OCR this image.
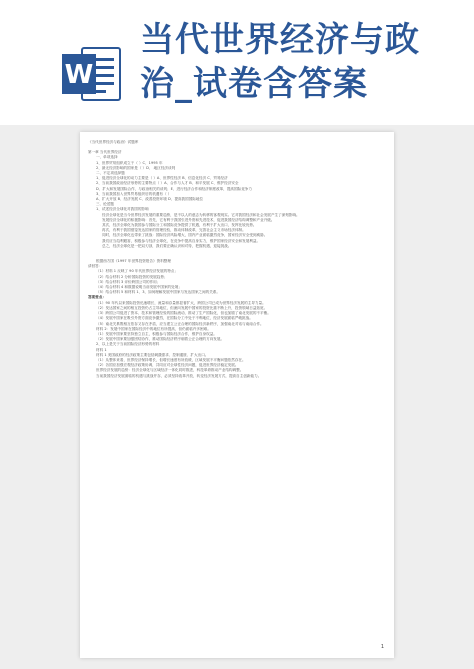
W
当代世界经济与政
治_试卷含答案
《当代世界经济与政治》试题库
第一章 当代世界经济
一、单项选择
1、世界贸易组织成立于（ ）C、1995 年
2、最无经济影响的国家是（ ）D、 地区经济谈判
二、不定项选择题
1、促进经济全球化的动力主要是（ ）A、世界性经济 B、信息化经济 C、贸易经济
2、当前我国政治经济形势的主要特点（ ）A、合作与人才 B、和平发展 C、维护经济安全
D、扩大和发展国际合作，与政治相关的谈判；E、进行经济合作和经济制度改革，提高国际竞争力
3、当前我国加入世界贸易组织后的机遇有（ ）
A、扩大开放 B、经济发展 C、改善投资环境 D、提高我国国际地位
三、论述题
1、试述经济全球化对我国的影响
经济全球化是当今世界经济发展的重要趋势，是不以人的意志为转移的客观现实。它对我国经济和社会发展产生了深刻影响。
发展经济全球化的积极影响：首先，它有利于我国引进外资和先进技术，促进我国经济结构调整和产业升级。
其次，经济全球化为我国参与国际分工和国际竞争提供了机遇，有利于扩大出口，发挥比较优势。
再次，有利于我国借鉴发达国家的管理经验，推动体制改革，完善社会主义市场经济体制。
同时，经济全球化也带来了挑战：国际经济风险增大，国内产业面临激烈竞争，国家经济安全受到威胁。
我们应当趋利避害，积极参与经济全球化，在竞争中提高自身实力，维护国家经济安全和发展利益。
总之，经济全球化是一把双刃剑，我们要正确认识和对待，把握机遇，迎接挑战。
根据西方国《1997 年世界投资报告》资料整理
请回答：
（1）材料 1 反映了 90 年代世界经济发展的特点；
（2）结合材料 2 分析国际投资的发展趋势；
（3）结合材料 3 评价跨国公司的作用；
（4）结合材料 4 和数据说明当前发展中国家的处境；
（5）结合材料 5 和材料 1、3，如何理解发展中国家与发达国家之间的关系。
答案要点：
（1）90 年代以来国际投资迅速增长，流量和存量都显著扩大，跨国公司已成为世界经济发展的主导力量。
（2）发达国家之间的相互投资仍占主导地位，但流向发展中国家的投资比重不断上升，投资领域日益拓宽。
（3）跨国公司促进了资本、技术和管理经验的国际流动，推动了生产国际化，但也加剧了南北发展的不平衡。
（4）发展中国家在吸引外资方面竞争激烈，在国际分工中处于不利地位，经济发展面临严峻挑战。
（5）南北关系既相互依存又存在矛盾，应当建立公正合理的国际经济新秩序，加强南北对话与南南合作。
材料 2：发展中国家在国际经济中的地位有所提高，但仍面临许多困难。
（1）发展中国家要坚持独立自主，积极参与国际经济合作，维护自身权益。
（2）发展中国家要加强团结协作，推动国际经济秩序朝着公正合理的方向发展。
2、以上是关于当前国际经济形势的材料
材料 1
材料 1 美国政府的经济政策主要包括刺激需求、控制通胀、扩大出口。
（1）从整体来看，世界经济保持增长，但增长速度有所放缓，区域发展不平衡问题依然存在。
（2）各国应加强宏观经济政策协调，共同应对全球性经济问题，促进世界经济稳定发展。
世界经济发展的趋势：经济全球化与区域经济一体化同时推进，科技革命推动产业结构调整。
当前我国经济发展面临的机遇与挑战并存，必须坚持改革开放，转变经济发展方式，提高自主创新能力。
1
